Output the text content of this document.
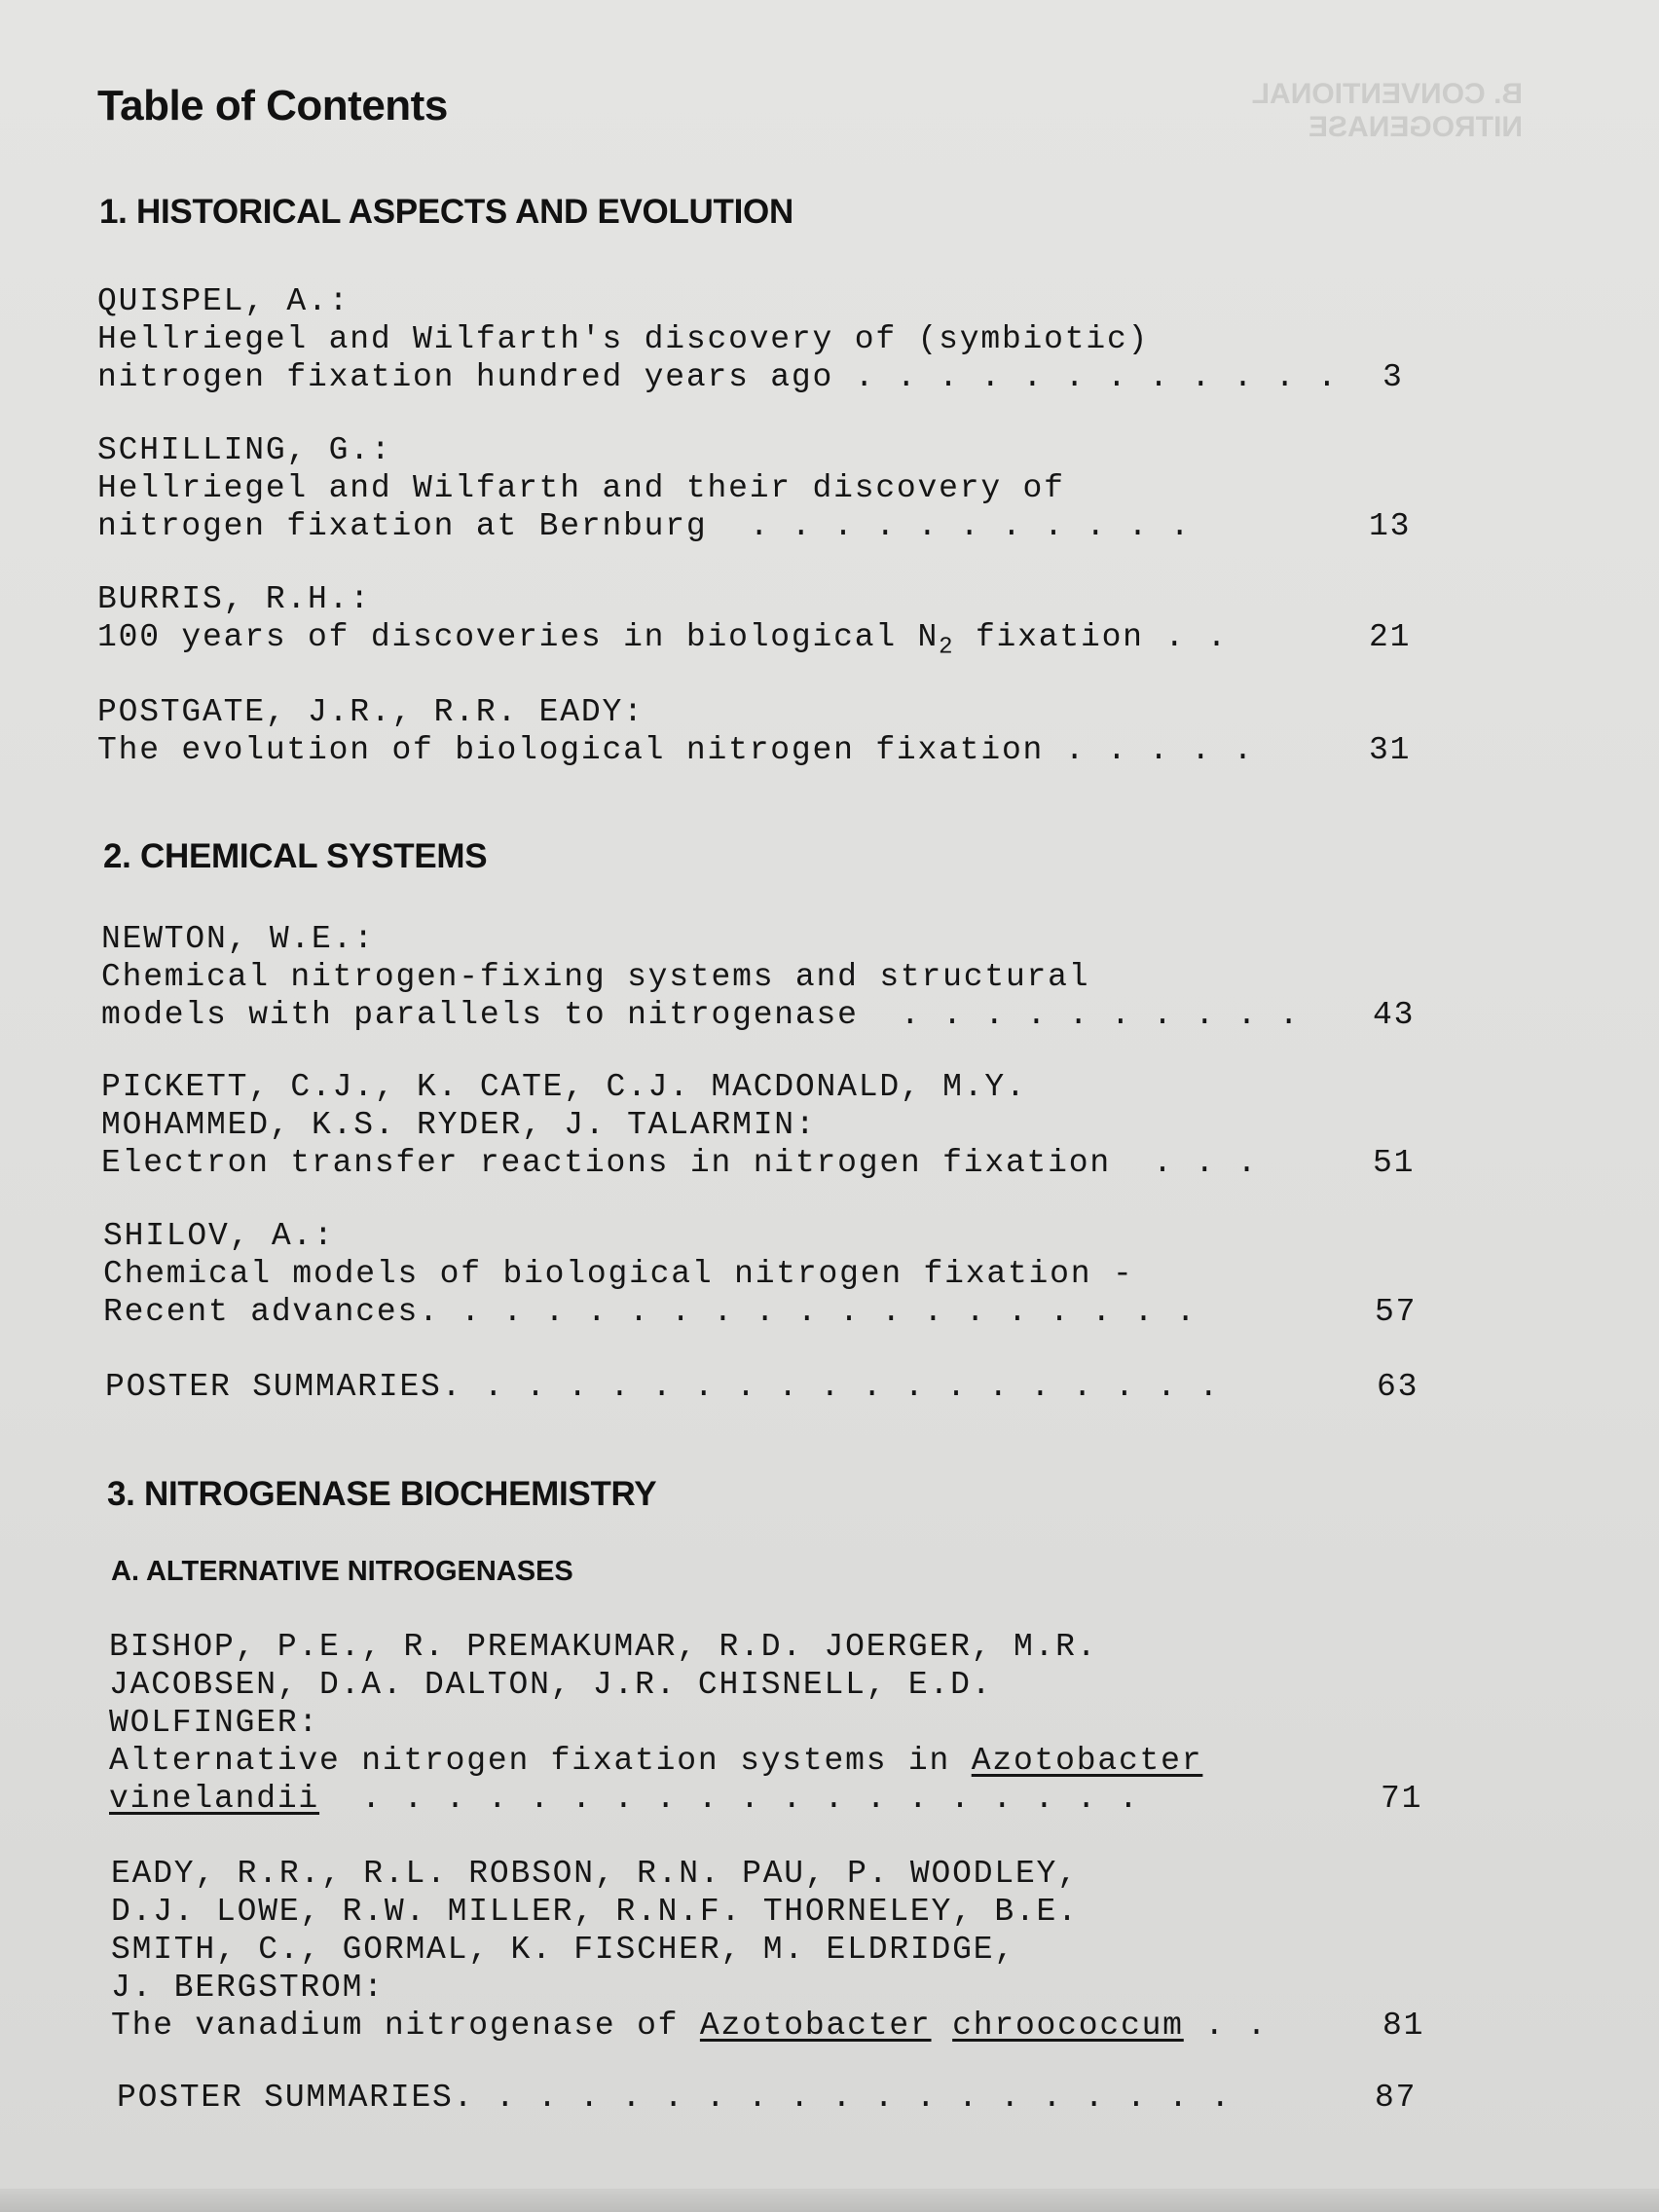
B. CONVENTIONAL NITROGENASE
Table of Contents
1. HISTORICAL ASPECTS AND EVOLUTION
QUISPEL, A.:
Hellriegel and Wilfarth's discovery of (symbiotic)
nitrogen fixation hundred years ago . . . . . . . . . . . . 3
SCHILLING, G.:
Hellriegel and Wilfarth and their discovery of
nitrogen fixation at Bernburg  . . . . . . . . . . .	13
BURRIS, R.H.:
100 years of discoveries in biological $N_2$ fixation . .	21
POSTGATE, J.R., R.R. EADY:
The evolution of biological nitrogen fixation . . . . .	31
2. CHEMICAL SYSTEMS
NEWTON, W.E.:
Chemical nitrogen-fixing systems and structural
models with parallels to nitrogenase  . . . . . . . . . . 43
PICKETT, C.J., K. CATE, C.J. MACDONALD, M.Y.
MOHAMMED, K.S. RYDER, J. TALARMIN:
Electron transfer reactions in nitrogen fixation  . . .	51
SHILOV, A.:
Chemical models of biological nitrogen fixation -
Recent advances. . . . . . . . . . . . . . . . . . .	57
POSTER SUMMARIES. . . . . . . . . . . . . . . . . . .	63
3. NITROGENASE BIOCHEMISTRY
A. ALTERNATIVE NITROGENASES
BISHOP, P.E., R. PREMAKUMAR, R.D. JOERGER, M.R.
JACOBSEN, D.A. DALTON, J.R. CHISNELL, E.D.
WOLFINGER:
Alternative nitrogen fixation systems in Azotobacter
vinelandii  . . . . . . . . . . . . . . . . . . .	71
EADY, R.R., R.L. ROBSON, R.N. PAU, P. WOODLEY,
D.J. LOWE, R.W. MILLER, R.N.F. THORNELEY, B.E.
SMITH, C., GORMAL, K. FISCHER, M. ELDRIDGE,
J. BERGSTROM:
The vanadium nitrogenase of Azotobacter chroococcum . .	81
POSTER SUMMARIES. . . . . . . . . . . . . . . . . . .	87
